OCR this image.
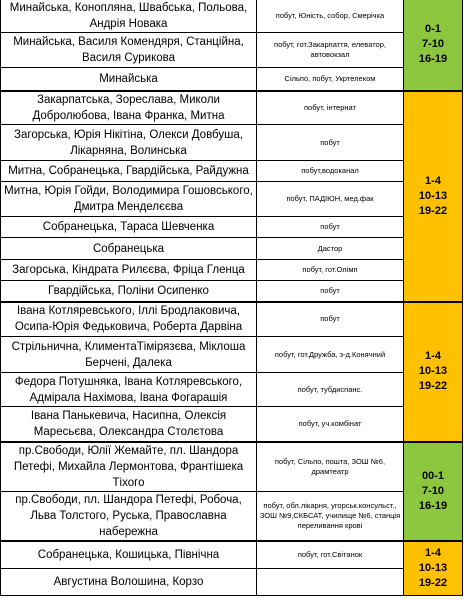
Минайська, Конопляна, Швабська, Польова, Андрія Новака	побут, Юність, собор, Смерічка	0-1
7-10
16-19

Минайська, Василя Комендяря, Станційна, Василя Сурикова	побут, гот.Закарпаття, елеватор, автовокзал	
Минайська	Сільпо, побут, Укртелеком	
Закарпатська, Зорeслава, Миколи Добролюбова, Івана Франка, Митна	побут, інтернат	1-4
10-13
19-22

Загорська, Юрія Нікітіна, Олекси Довбуша, Лікарняна, Волинська	побут	
Митна, Собранецька, Гвардійська, Райдужна	побут,водоканал	
Митна, Юрія Гойди, Володимира Гошовського, Дмитра Менделєєва	побут, ПАДІЮН, мед.фак	
Собранецька, Тараса Шевченка	побут	
Собранецька	Дастор	
Загорська, Кіндрата Рилєєва, Фріца Гленца	побут, гот.Олімп	
Гвардійська, Поліни Осипенко	побут	
Івана Котляревського, Іллі Бродлаковича, Осипа-Юрія Федьковича, Роберта Дарвіна	побут	1-4
10-13
19-22

Стрільнична, КлиментаТімірязєва, Міклоша Берчені, Далека	побут, гот.Дружба, з-д.Конячний	
Федора Потушняка, Івана Котляревського, Адмірала Нахімова, Івана Фогарашія	побут, тубдиспанс.	
Івана Панькевича, Насипна, Олексія Маресьєва, Олександра Столєтова	побут, уч.комбінат	
пр.Свободи, Юлії Жемайте, пл. Шандора Петефі, Михайла Лермонтова, Франтішека Тіхого	побут, Сільпо, пошта, ЗОШ №6, драмтеатр	00-1
7-10
16-19

пр.Свободи, пл. Шандора Петефі, Робоча, Льва Толстого, Руська, Православна набережна	побут, обл.лікарня, угорськ.консульст., ЗОШ №9,СКБСАТ, училище №6, станція переливання крові	
Собранецька, Кошицька, Північна	побут, гот.Світанок	1-4
10-13
19-22

Августина Волошина, Корзо		
